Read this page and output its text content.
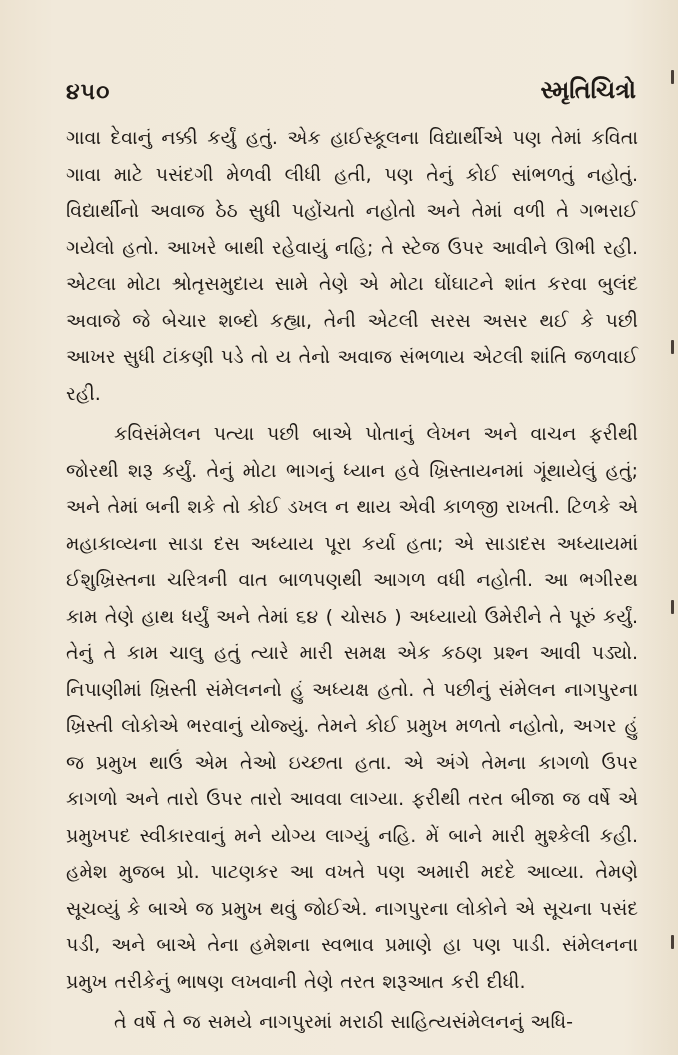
૪૫૦	સ્મૃતિચિત્રો

ગાવા દેવાનું નક્કી કર્યું હતું. એક હાઈસ્કૂલના વિદ્યાર્થીએ પણ તેમાં કવિતા ગાવા માટે પસંદગી મેળવી લીધી હતી, પણ તેનું કોઈ સાંભળતું નહોતું. વિદ્યાર્થીનો અવાજ ઠેઠ સુધી પહોંચતો નહોતો અને તેમાં વળી તે ગભરાઈ ગયેલો હતો. આખરે બાથી રહેવાયું નહિ; તે સ્ટેજ ઉપર આવીને ઊભી રહી. એટલા મોટા શ્રોતૃસમુદાય સામે તેણે એ મોટા ઘોંઘાટને શાંત કરવા બુલંદ અવાજે જે બેચાર શબ્દો કહ્યા, તેની એટલી સરસ અસર થઈ કે પછી આખર સુધી ટાંકણી પડે તો ય તેનો અવાજ સંભળાય એટલી શાંતિ જળવાઈ રહી.

કવિસંમેલન પત્યા પછી બાએ પોતાનું લેખન અને વાચન ફરીથી જોરથી શરૂ કર્યું. તેનું મોટા ભાગનું ધ્યાન હવે ખ્રિસ્તાયનમાં ગૂંથાયેલું હતું; અને તેમાં બની શકે તો કોઈ ડખલ ન થાય એવી કાળજી રાખતી. ટિળકે એ મહાકાવ્યના સાડા દસ અધ્યાય પૂરા કર્યા હતા; એ સાડાદસ અધ્યાયમાં ઈશુખ્રિસ્તના ચરિત્રની વાત બાળપણથી આગળ વધી નહોતી. આ ભગીરથ કામ તેણે હાથ ધર્યું અને તેમાં ૬૪ ( ચોસઠ ) અધ્યાયો ઉમેરીને તે પૂરું કર્યું. તેનું તે કામ ચાલુ હતું ત્યારે મારી સમક્ષ એક કઠણ પ્રશ્ન આવી પડ્યો. નિપાણીમાં ખ્રિસ્તી સંમેલનનો હું અધ્યક્ષ હતો. તે પછીનું સંમેલન નાગપુરના ખ્રિસ્તી લોકોએ ભરવાનું યોજ્યું. તેમને કોઈ પ્રમુખ મળતો નહોતો, અગર હું જ પ્રમુખ થાઉં એમ તેઓ ઇચ્છતા હતા. એ અંગે તેમના કાગળો ઉપર કાગળો અને તારો ઉપર તારો આવવા લાગ્યા. ફરીથી તરત બીજા જ વર્ષે એ પ્રમુખપદ સ્વીકારવાનું મને યોગ્ય લાગ્યું નહિ. મેં બાને મારી મુશ્કેલી કહી. હમેશ મુજબ પ્રો. પાટણકર આ વખતે પણ અમારી મદદે આવ્યા. તેમણે સૂચવ્યું કે બાએ જ પ્રમુખ થવું જોઈએ. નાગપુરના લોકોને એ સૂચના પસંદ પડી, અને બાએ તેના હમેશના સ્વભાવ પ્રમાણે હા પણ પાડી. સંમેલનના પ્રમુખ તરીકેનું ભાષણ લખવાની તેણે તરત શરૂઆત કરી દીધી.

તે વર્ષે તે જ સમયે નાગપુરમાં મરાઠી સાહિત્યસંમેલનનું અધિ-
